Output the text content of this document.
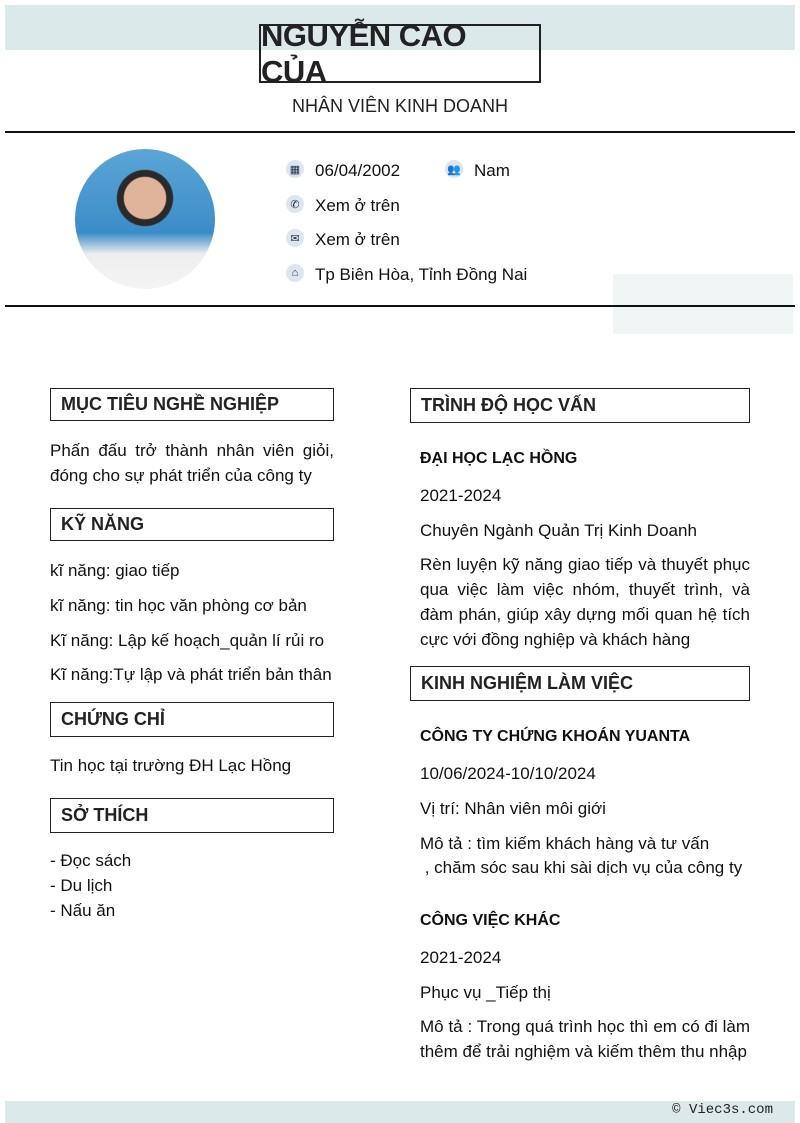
NGUYỄN CAO CỦA
NHÂN VIÊN KINH DOANH
▦ 06/04/2002	👥 Nam
✆ Xem ở trên
✉ Xem ở trên
⌂ Tp Biên Hòa, Tỉnh Đồng Nai
MỤC TIÊU NGHỀ NGHIỆP
Phấn đấu trở thành nhân viên giỏi, đóng cho sự phát triển của công ty
KỸ NĂNG
kĩ năng: giao tiếp
kĩ năng: tin học văn phòng cơ bản
Kĩ năng: Lập kế hoạch_quản lí rủi ro
Kĩ năng:Tự lập và phát triển bản thân
CHỨNG CHỈ
Tin học tại trường ĐH Lạc Hồng
SỞ THÍCH
- Đọc sách
- Du lịch
- Nấu ăn
TRÌNH ĐỘ HỌC VẤN
ĐẠI HỌC LẠC HỒNG
2021-2024
Chuyên Ngành Quản Trị Kinh Doanh
Rèn luyện kỹ năng giao tiếp và thuyết phục qua việc làm việc nhóm, thuyết trình, và đàm phán, giúp xây dựng mối quan hệ tích cực với đồng nghiệp và khách hàng
KINH NGHIỆM LÀM VIỆC
CÔNG TY CHỨNG KHOÁN YUANTA
10/06/2024-10/10/2024
Vị trí: Nhân viên môi giới
Mô tả : tìm kiếm khách hàng và tư vấn
, chăm sóc sau khi sài dịch vụ của công ty
CÔNG VIỆC KHÁC
2021-2024
Phục vụ _Tiếp thị
Mô tả : Trong quá trình học thì em có đi làm thêm để trải nghiệm và kiếm thêm thu nhập
© Viec3s.com
